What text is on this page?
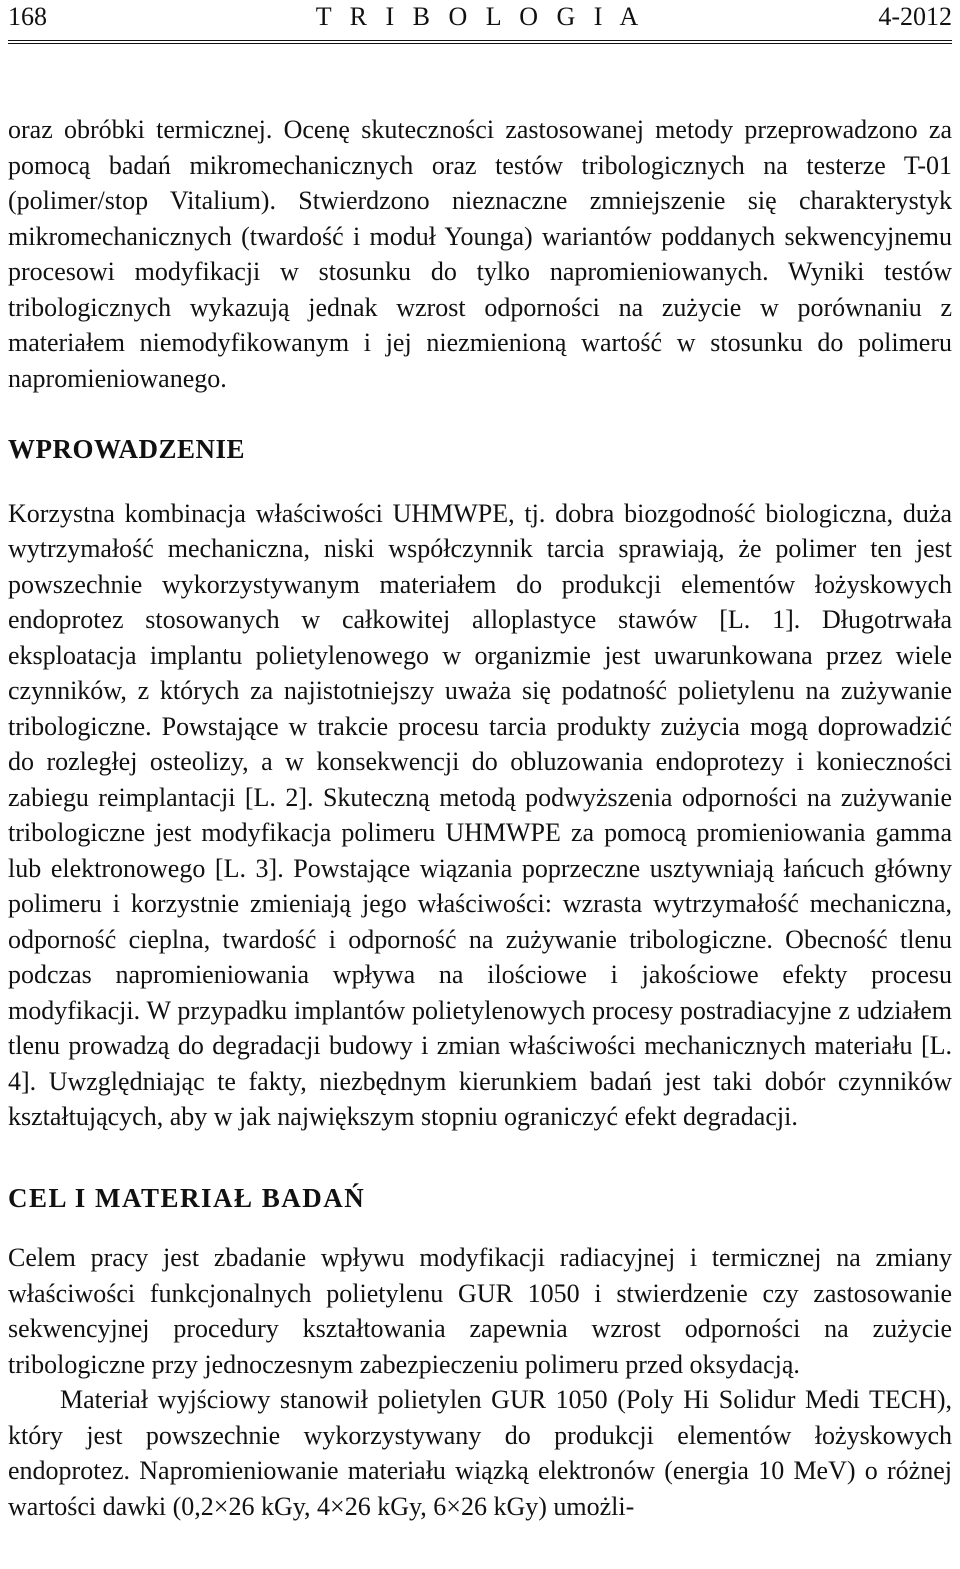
168	T R I B O L O G I A	4-2012

oraz obróbki termicznej. Ocenę skuteczności zastosowanej metody przeprowadzono za pomocą badań mikromechanicznych oraz testów tribologicznych na testerze T-01 (polimer/stop Vitalium). Stwierdzono nieznaczne zmniejszenie się charakterystyk mikromechanicznych (twardość i moduł Younga) wariantów poddanych sekwencyjnemu procesowi modyfikacji w stosunku do tylko napromieniowanych. Wyniki testów tribologicznych wykazują jednak wzrost odporności na zużycie w porównaniu z materiałem niemodyfikowanym i jej niezmienioną wartość w stosunku do polimeru napromieniowanego.

WPROWADZENIE

Korzystna kombinacja właściwości UHMWPE, tj. dobra biozgodność biologiczna, duża wytrzymałość mechaniczna, niski współczynnik tarcia sprawiają, że polimer ten jest powszechnie wykorzystywanym materiałem do produkcji elementów łożyskowych endoprotez stosowanych w całkowitej alloplastyce stawów [L. 1]. Długotrwała eksploatacja implantu polietylenowego w organizmie jest uwarunkowana przez wiele czynników, z których za najistotniejszy uważa się podatność polietylenu na zużywanie tribologiczne. Powstające w trakcie procesu tarcia produkty zużycia mogą doprowadzić do rozległej osteolizy, a w konsekwencji do obluzowania endoprotezy i konieczności zabiegu reimplantacji [L. 2]. Skuteczną metodą podwyższenia odporności na zużywanie tribologiczne jest modyfikacja polimeru UHMWPE za pomocą promieniowania gamma lub elektronowego [L. 3]. Powstające wiązania poprzeczne usztywniają łańcuch główny polimeru i korzystnie zmieniają jego właściwości: wzrasta wytrzymałość mechaniczna, odporność cieplna, twardość i odporność na zużywanie tribologiczne. Obecność tlenu podczas napromieniowania wpływa na ilościowe i jakościowe efekty procesu modyfikacji. W przypadku implantów polietylenowych procesy postradiacyjne z udziałem tlenu prowadzą do degradacji budowy i zmian właściwości mechanicznych materiału [L. 4]. Uwzględniając te fakty, niezbędnym kierunkiem badań jest taki dobór czynników kształtujących, aby w jak największym stopniu ograniczyć efekt degradacji.

CEL I MATERIAŁ BADAŃ

Celem pracy jest zbadanie wpływu modyfikacji radiacyjnej i termicznej na zmiany właściwości funkcjonalnych polietylenu GUR 1050 i stwierdzenie czy zastosowanie sekwencyjnej procedury kształtowania zapewnia wzrost odporności na zużycie tribologiczne przy jednoczesnym zabezpieczeniu polimeru przed oksydacją.

Materiał wyjściowy stanowił polietylen GUR 1050 (Poly Hi Solidur Medi TECH), który jest powszechnie wykorzystywany do produkcji elementów łożyskowych endoprotez. Napromieniowanie materiału wiązką elektronów (energia 10 MeV) o różnej wartości dawki (0,2×26 kGy, 4×26 kGy, 6×26 kGy) umożli-
